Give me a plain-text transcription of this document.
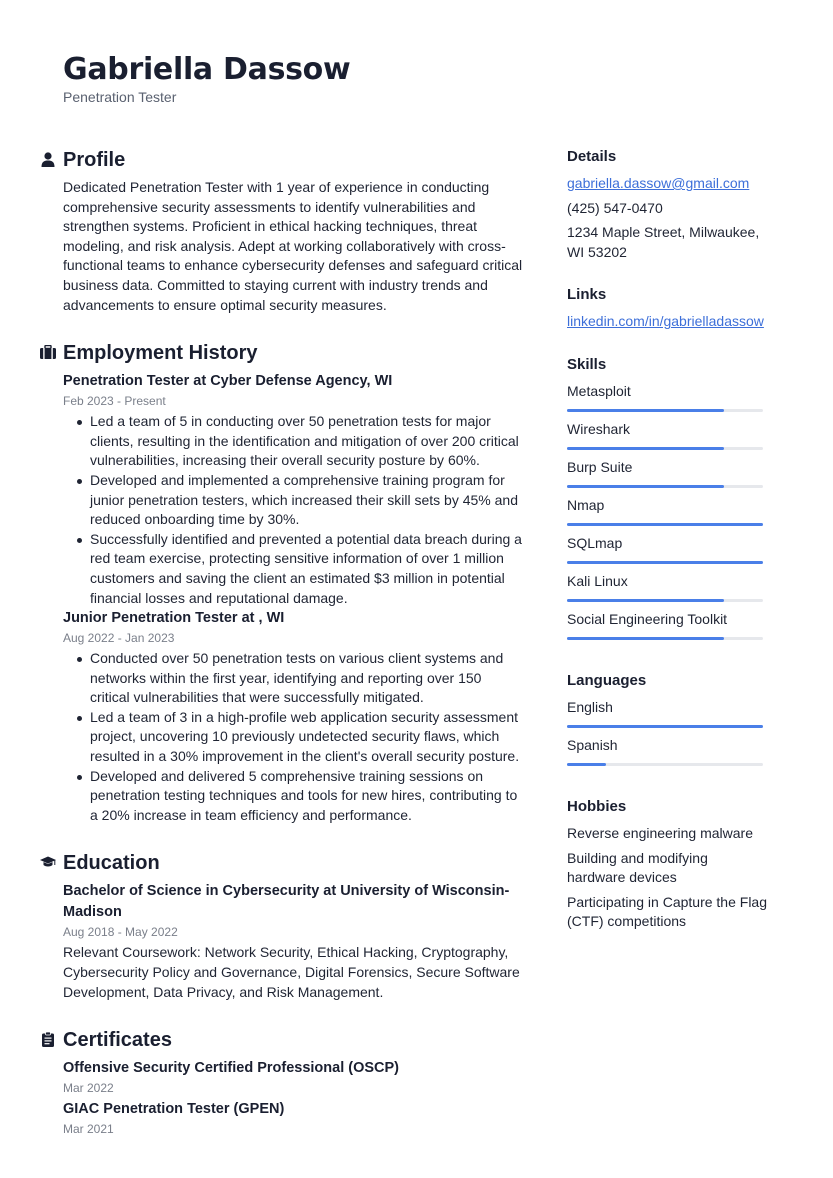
Gabriella Dassow
Penetration Tester
Profile
Dedicated Penetration Tester with 1 year of experience in conducting comprehensive security assessments to identify vulnerabilities and strengthen systems. Proficient in ethical hacking techniques, threat modeling, and risk analysis. Adept at working collaboratively with cross-functional teams to enhance cybersecurity defenses and safeguard critical business data. Committed to staying current with industry trends and advancements to ensure optimal security measures.
Employment History
Penetration Tester at Cyber Defense Agency, WI
Feb 2023 - Present
Led a team of 5 in conducting over 50 penetration tests for major clients, resulting in the identification and mitigation of over 200 critical vulnerabilities, increasing their overall security posture by 60%.
Developed and implemented a comprehensive training program for junior penetration testers, which increased their skill sets by 45% and reduced onboarding time by 30%.
Successfully identified and prevented a potential data breach during a red team exercise, protecting sensitive information of over 1 million customers and saving the client an estimated $3 million in potential financial losses and reputational damage.
Junior Penetration Tester at , WI
Aug 2022 - Jan 2023
Conducted over 50 penetration tests on various client systems and networks within the first year, identifying and reporting over 150 critical vulnerabilities that were successfully mitigated.
Led a team of 3 in a high-profile web application security assessment project, uncovering 10 previously undetected security flaws, which resulted in a 30% improvement in the client's overall security posture.
Developed and delivered 5 comprehensive training sessions on penetration testing techniques and tools for new hires, contributing to a 20% increase in team efficiency and performance.
Education
Bachelor of Science in Cybersecurity at University of Wisconsin-Madison
Aug 2018 - May 2022
Relevant Coursework: Network Security, Ethical Hacking, Cryptography, Cybersecurity Policy and Governance, Digital Forensics, Secure Software Development, Data Privacy, and Risk Management.
Certificates
Offensive Security Certified Professional (OSCP)
Mar 2022
GIAC Penetration Tester (GPEN)
Mar 2021
Details
gabriella.dassow@gmail.com
(425) 547-0470
1234 Maple Street, Milwaukee, WI 53202
Links
linkedin.com/in/gabrielladassow
Skills
Metasploit
Wireshark
Burp Suite
Nmap
SQLmap
Kali Linux
Social Engineering Toolkit
Languages
English
Spanish
Hobbies
Reverse engineering malware
Building and modifying hardware devices
Participating in Capture the Flag (CTF) competitions
